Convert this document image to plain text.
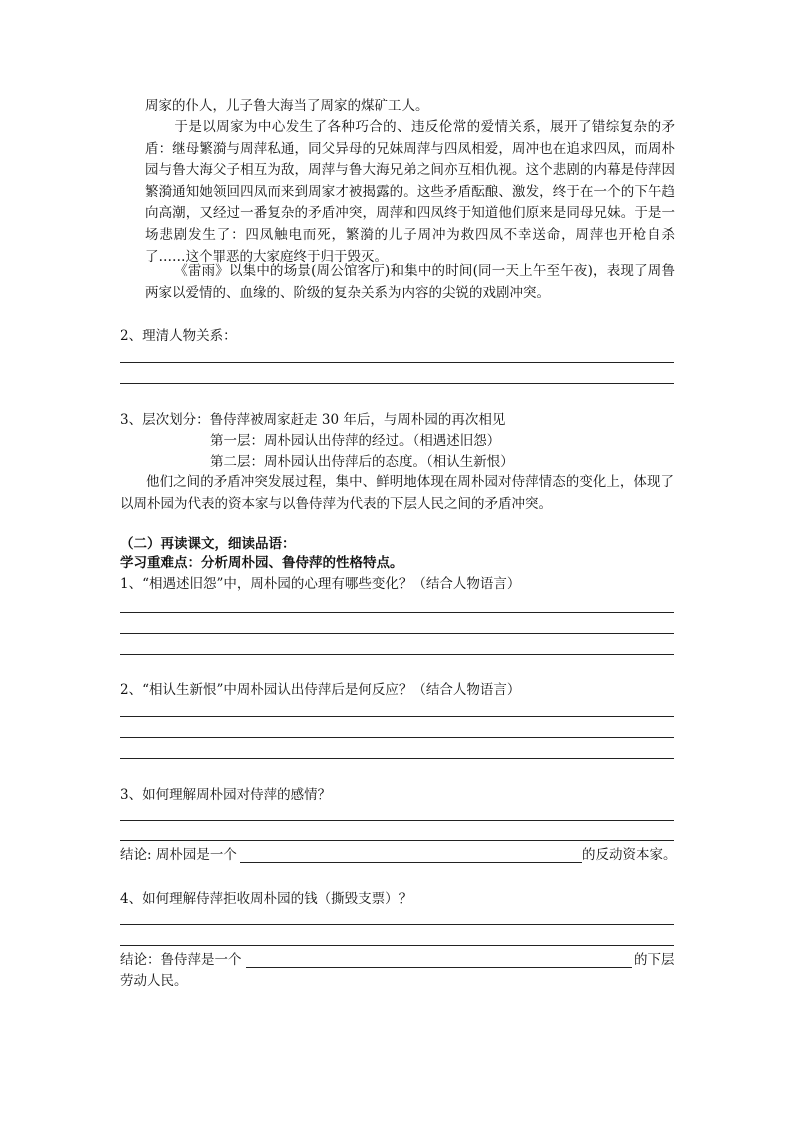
周家的仆人，儿子鲁大海当了周家的煤矿工人。
于是以周家为中心发生了各种巧合的、违反伦常的爱情关系，展开了错综复杂的矛盾：继母繁漪与周萍私通，同父异母的兄妹周萍与四凤相爱，周冲也在追求四凤，而周朴园与鲁大海父子相互为敌，周萍与鲁大海兄弟之间亦互相仇视。这个悲剧的内幕是侍萍因繁漪通知她领回四凤而来到周家才被揭露的。这些矛盾酝酿、激发，终于在一个的下午趋向高潮，又经过一番复杂的矛盾冲突，周萍和四凤终于知道他们原来是同母兄妹。于是一场悲剧发生了：四凤触电而死，繁漪的儿子周冲为救四凤不幸送命，周萍也开枪自杀了……这个罪恶的大家庭终于归于毁灭。
《雷雨》以集中的场景(周公馆客厅)和集中的时间(同一天上午至午夜)，表现了周鲁两家以爱情的、血缘的、阶级的复杂关系为内容的尖锐的戏剧冲突。
2、理清人物关系：
3、层次划分：鲁侍萍被周家赶走 30 年后，与周朴园的再次相见
第一层：周朴园认出侍萍的经过。（相遇述旧怨）
第二层：周朴园认出侍萍后的态度。（相认生新恨）
他们之间的矛盾冲突发展过程，集中、鲜明地体现在周朴园对侍萍情态的变化上，体现了以周朴园为代表的资本家与以鲁侍萍为代表的下层人民之间的矛盾冲突。
（二）再读课文，细读品语：
学习重难点：分析周朴园、鲁侍萍的性格特点。
1、“相遇述旧怨”中，周朴园的心理有哪些变化？（结合人物语言）
2、“相认生新恨”中周朴园认出侍萍后是何反应？（结合人物语言）
3、如何理解周朴园对侍萍的感情？
结论: 周朴园是一个	的反动资本家。
4、如何理解侍萍拒收周朴园的钱（撕毁支票）？
结论：鲁侍萍是一个	的下层
劳动人民。
